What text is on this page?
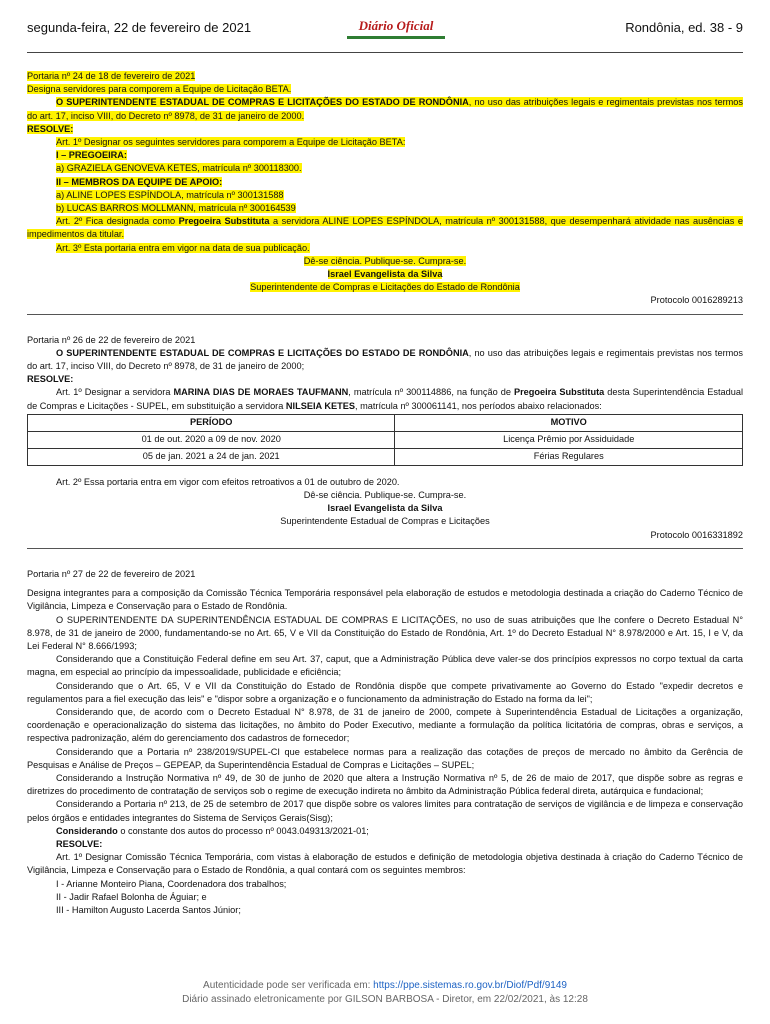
segunda-feira, 22 de fevereiro de 2021	Diário Oficial	Rondônia, ed. 38 - 9

Portaria nº 24 de 18 de fevereiro de 2021

Designa servidores para comporem a Equipe de Licitação BETA.

O SUPERINTENDENTE ESTADUAL DE COMPRAS E LICITAÇÕES DO ESTADO DE RONDÔNIA, no uso das atribuições legais e regimentais previstas nos termos do art. 17, inciso VIII, do Decreto nº 8978, de 31 de janeiro de 2000.

RESOLVE:

Art. 1º Designar os seguintes servidores para comporem a Equipe de Licitação BETA:

I – PREGOEIRA:

a) GRAZIELA GENOVEVA KETES, matrícula nº 300118300.

II – MEMBROS DA EQUIPE DE APOIO:

a) ALINE LOPES ESPÍNDOLA, matrícula nº 300131588

b) LUCAS BARROS MOLLMANN, matrícula nº 300164539

Art. 2º Fica designada como Pregoeira Substituta a servidora ALINE LOPES ESPÍNDOLA, matrícula nº 300131588, que desempenhará atividade nas ausências e impedimentos da titular.

Art. 3º Esta portaria entra em vigor na data de sua publicação.

Dê-se ciência. Publique-se. Cumpra-se.

Israel Evangelista da Silva

Superintendente de Compras e Licitações do Estado de Rondônia

Protocolo 0016289213

Portaria nº 26 de 22 de fevereiro de 2021

O SUPERINTENDENTE ESTADUAL DE COMPRAS E LICITAÇÕES DO ESTADO DE RONDÔNIA, no uso das atribuições legais e regimentais previstas nos termos do art. 17, inciso VIII, do Decreto nº 8978, de 31 de janeiro de 2000;

RESOLVE:

Art. 1º Designar a servidora MARINA DIAS DE MORAES TAUFMANN, matrícula nº 300114886, na função de Pregoeira Substituta desta Superintendência Estadual de Compras e Licitações - SUPEL, em substituição a servidora NILSEIA KETES, matrícula nº 300061141, nos períodos abaixo relacionados:

PERÍODO	MOTIVO
01 de out. 2020 a 09 de nov. 2020	Licença Prêmio por Assiduidade
05 de jan. 2021 a 24 de jan. 2021	Férias Regulares

Art. 2º Essa portaria entra em vigor com efeitos retroativos a 01 de outubro de 2020.

Dê-se ciência. Publique-se. Cumpra-se.

Israel Evangelista da Silva

Superintendente Estadual de Compras e Licitações

Protocolo 0016331892

Portaria nº 27 de 22 de fevereiro de 2021

Designa integrantes para a composição da Comissão Técnica Temporária responsável pela elaboração de estudos e metodologia destinada a criação do Caderno Técnico de Vigilância, Limpeza e Conservação para o Estado de Rondônia.

O SUPERINTENDENTE DA SUPERINTENDÊNCIA ESTADUAL DE COMPRAS E LICITAÇÕES, no uso de suas atribuições que lhe confere o Decreto Estadual N° 8.978, de 31 de janeiro de 2000, fundamentando-se no Art. 65, V e VII da Constituição do Estado de Rondônia, Art. 1º do Decreto Estadual N° 8.978/2000 e Art. 15, I e V, da Lei Federal N° 8.666/1993;

Considerando que a Constituição Federal define em seu Art. 37, caput, que a Administração Pública deve valer-se dos princípios expressos no corpo textual da carta magna, em especial ao princípio da impessoalidade, publicidade e eficiência;

Considerando que o Art. 65, V e VII da Constituição do Estado de Rondônia dispõe que compete privativamente ao Governo do Estado "expedir decretos e regulamentos para a fiel execução das leis" e "dispor sobre a organização e o funcionamento da administração do Estado na forma da lei";

Considerando que, de acordo com o Decreto Estadual N° 8.978, de 31 de janeiro de 2000, compete à Superintendência Estadual de Licitações a organização, coordenação e operacionalização do sistema das licitações, no âmbito do Poder Executivo, mediante a formulação da política licitatória de compras, obras e serviços, a respectiva padronização, além do gerenciamento dos cadastros de fornecedor;

Considerando que a Portaria nº 238/2019/SUPEL-CI que estabelece normas para a realização das cotações de preços de mercado no âmbito da Gerência de Pesquisas e Análise de Preços – GEPEAP, da Superintendência Estadual de Compras e Licitações – SUPEL;

Considerando a Instrução Normativa nº 49, de 30 de junho de 2020 que altera a Instrução Normativa nº 5, de 26 de maio de 2017, que dispõe sobre as regras e diretrizes do procedimento de contratação de serviços sob o regime de execução indireta no âmbito da Administração Pública federal direta, autárquica e fundacional;

Considerando a Portaria nº 213, de 25 de setembro de 2017 que dispõe sobre os valores limites para contratação de serviços de vigilância e de limpeza e conservação pelos órgãos e entidades integrantes do Sistema de Serviços Gerais(Sisg);

Considerando o constante dos autos do processo nº 0043.049313/2021-01;

RESOLVE:

Art. 1º Designar Comissão Técnica Temporária, com vistas à elaboração de estudos e definição de metodologia objetiva destinada à criação do Caderno Técnico de Vigilância, Limpeza e Conservação para o Estado de Rondônia, a qual contará com os seguintes membros:

I - Arianne Monteiro Piana, Coordenadora dos trabalhos;

II - Jadir Rafael Bolonha de Águiar; e

III - Hamilton Augusto Lacerda Santos Júnior;

Autenticidade pode ser verificada em: https://ppe.sistemas.ro.gov.br/Diof/Pdf/9149
Diário assinado eletronicamente por GILSON BARBOSA - Diretor, em 22/02/2021, às 12:28
